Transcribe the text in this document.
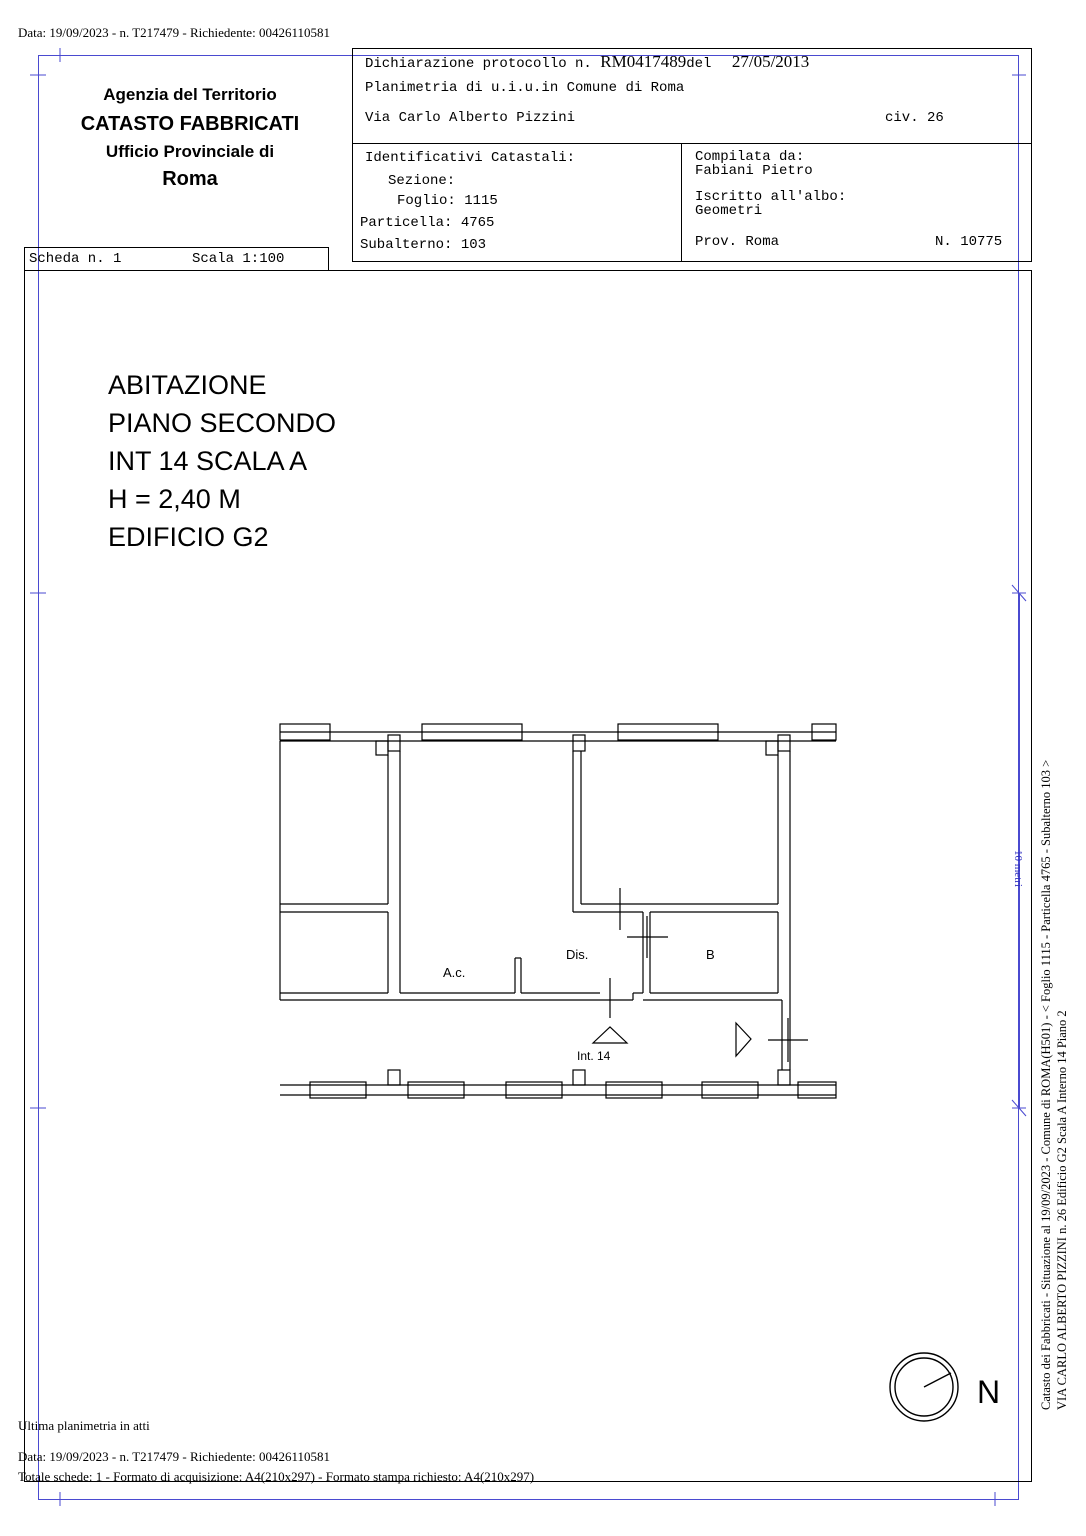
Data: 19/09/2023 - n. T217479 - Richiedente: 00426110581
Agenzia del Territorio
CATASTO FABBRICATI
Ufficio Provinciale di
Roma
Dichiarazione protocollo n. RM0417489del 27/05/2013
Planimetria di u.i.u.in Comune di Roma
Via Carlo Alberto Pizzini	civ. 26
Identificativi Catastali:
Sezione:
Foglio: 1115
Particella: 4765
Subalterno: 103
Compilata da:
Fabiani Pietro
Iscritto all'albo:
Geometri
Prov. Roma	N. 10775
Scheda n. 1	Scala 1:100
ABITAZIONE
PIANO SECONDO
INT 14 SCALA A
H = 2,40 M
EDIFICIO G2
A.c.
Dis.	B
Int. 14
10 metri
N	Catasto dei Fabbricati - Situazione al 19/09/2023 - Comune di ROMA(H501) - < Foglio 1115 - Particella 4765 - Subalterno 103 > VIA CARLO ALBERTO PIZZINI n. 26 Edificio G2 Scala A Interno 14 Piano 2
Ultima planimetria in atti
Data: 19/09/2023 - n. T217479 - Richiedente: 00426110581
Totale schede: 1 - Formato di acquisizione: A4(210x297) - Formato stampa richiesto: A4(210x297)
